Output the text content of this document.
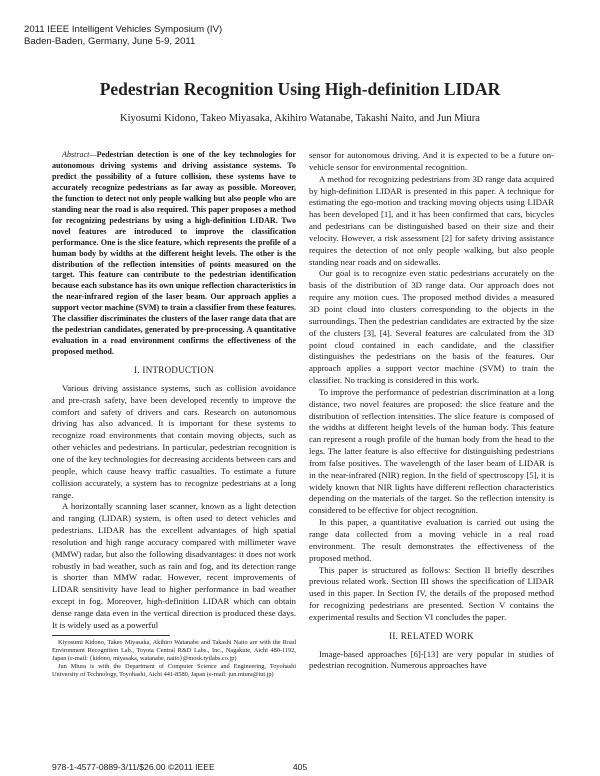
2011 IEEE Intelligent Vehicles Symposium (IV)
Baden-Baden, Germany, June 5-9, 2011
Pedestrian Recognition Using High-definition LIDAR
Kiyosumi Kidono, Takeo Miyasaka, Akihiro Watanabe, Takashi Naito, and Jun Miura

Abstract—Pedestrian detection is one of the key technologies for autonomous driving systems and driving assistance systems. To predict the possibility of a future collision, these systems have to accurately recognize pedestrians as far away as possible. Moreover, the function to detect not only people walking but also people who are standing near the road is also required. This paper proposes a method for recognizing pedestrians by using a high-definition LIDAR. Two novel features are introduced to improve the classification performance. One is the slice feature, which represents the profile of a human body by widths at the different height levels. The other is the distribution of the reflection intensities of points measured on the target. This feature can contribute to the pedestrian identification because each substance has its own unique reflection characteristics in the near-infrared region of the laser beam. Our approach applies a support vector machine (SVM) to train a classifier from these features. The classifier discriminates the clusters of the laser range data that are the pedestrian candidates, generated by pre-processing. A quantitative evaluation in a road environment confirms the effectiveness of the proposed method.

I. INTRODUCTION

Various driving assistance systems, such as collision avoidance and pre-crash safety, have been developed recently to improve the comfort and safety of drivers and cars. Research on autonomous driving has also advanced. It is important for these systems to recognize road environments that contain moving objects, such as other vehicles and pedestrians. In particular, pedestrian recognition is one of the key technologies for decreasing accidents between cars and people, which cause heavy traffic casualties. To estimate a future collision accurately, a system has to recognize pedestrians at a long range.

A horizontally scanning laser scanner, known as a light detection and ranging (LIDAR) system, is often used to detect vehicles and pedestrians. LIDAR has the excellent advantages of high spatial resolution and high range accuracy compared with millimeter wave (MMW) radar, but also the following disadvantages: it does not work robustly in bad weather, such as rain and fog, and its detection range is shorter than MMW radar. However, recent improvements of LIDAR sensitivity have lead to higher performance in bad weather except in fog. Moreover, high-definition LIDAR which can obtain dense range data even in the vertical direction is produced these days. It is widely used as a powerful

Kiyosumi Kidono, Takeo Miyasaka, Akihiro Watanabe and Takashi Naito are with the Road Environment Recognition Lab., Toyota Central R&D Labs., Inc., Nagakute, Aichi 480-1192, Japan (e-mail: {kidono, miyasaka, watanabe, naito}@mosk.tytlabs.co.jp)

Jun Miura is with the Department of Computer Science and Engineering, Toyohashi University of Technology, Toyohashi, Aichi 441-8580, Japan (e-mail: jun.miura@tut.jp)

sensor for autonomous driving. And it is expected to be a future on-vehicle sensor for environmental recognition.

A method for recognizing pedestrians from 3D range data acquired by high-definition LIDAR is presented in this paper. A technique for estimating the ego-motion and tracking moving objects using LIDAR has been developed [1], and it has been confirmed that cars, bicycles and pedestrians can be distinguished based on their size and their velocity. However, a risk assessment [2] for safety driving assistance requires the detection of not only people walking, but also people standing near roads and on sidewalks.

Our goal is to recognize even static pedestrians accurately on the basis of the distribution of 3D range data. Our approach does not require any motion cues. The proposed method divides a measured 3D point cloud into clusters corresponding to the objects in the surroundings. Then the pedestrian candidates are extracted by the size of the clusters [3], [4]. Several features are calculated from the 3D point cloud contained in each candidate, and the classifier distinguishes the pedestrians on the basis of the features. Our approach applies a support vector machine (SVM) to train the classifier. No tracking is considered in this work.

To improve the performance of pedestrian discrimination at a long distance, two novel features are proposed: the slice feature and the distribution of reflection intensities. The slice feature is composed of the widths at different height levels of the human body. This feature can represent a rough profile of the human body from the head to the legs. The latter feature is also effective for distinguishing pedestrians from false positives. The wavelength of the laser beam of LIDAR is in the near-infrared (NIR) region. In the field of spectroscopy [5], it is widely known that NIR lights have different reflection characteristics depending on the materials of the target. So the reflection intensity is considered to be effective for object recognition.

In this paper, a quantitative evaluation is carried out using the range data collected from a moving vehicle in a real road environment. The result demonstrates the effectiveness of the proposed method.

This paper is structured as follows: Section II briefly describes previous related work. Section III shows the specification of LIDAR used in this paper. In Section IV, the details of the proposed method for recognizing pedestrians are presented. Section V contains the experimental results and Section VI concludes the paper.

II. RELATED WORK

Image-based approaches [6]-[13] are very popular in studies of pedestrian recognition. Numerous approaches have

978-1-4577-0889-3/11/$26.00 ©2011 IEEE	405
